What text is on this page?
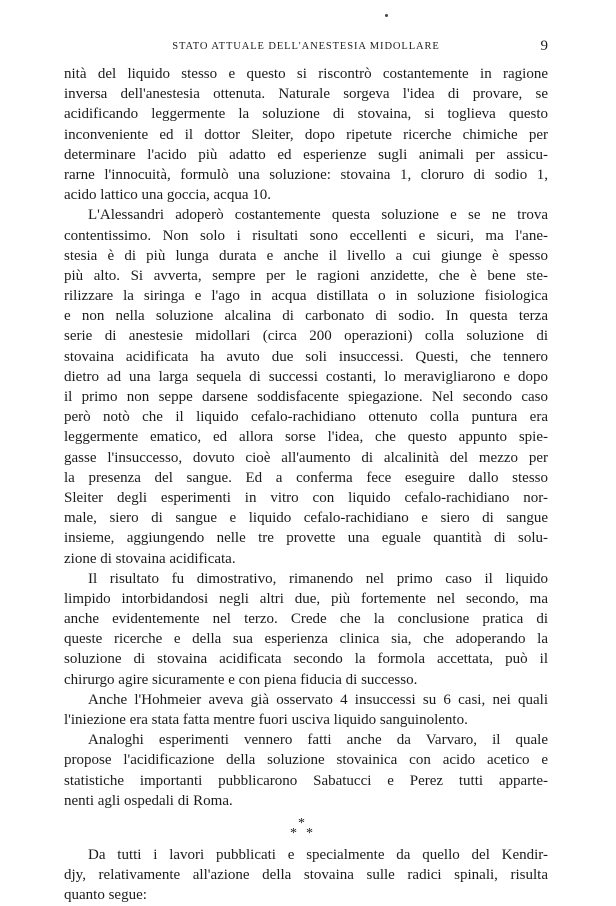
STATO ATTUALE DELL'ANESTESIA MIDOLLARE	9
nità del liquido stesso e questo si riscontrò costantemente in ragione
inversa dell'anestesia ottenuta. Naturale sorgeva l'idea di provare, se
acidificando leggermente la soluzione di stovaina, si toglieva questo
inconveniente ed il dottor Sleiter, dopo ripetute ricerche chimiche per
determinare l'acido più adatto ed esperienze sugli animali per assicu-
rarne l'innocuità, formulò una soluzione: stovaina 1, cloruro di sodio 1,
acido lattico una goccia, acqua 10.
L'Alessandri adoperò costantemente questa soluzione e se ne trova
contentissimo. Non solo i risultati sono eccellenti e sicuri, ma l'ane-
stesia è di più lunga durata e anche il livello a cui giunge è spesso
più alto. Si avverta, sempre per le ragioni anzidette, che è bene ste-
rilizzare la siringa e l'ago in acqua distillata o in soluzione fisiologica
e non nella soluzione alcalina di carbonato di sodio. In questa terza
serie di anestesie midollari (circa 200 operazioni) colla soluzione di
stovaina acidificata ha avuto due soli insuccessi. Questi, che tennero
dietro ad una larga sequela di successi costanti, lo meravigliarono e dopo
il primo non seppe darsene soddisfacente spiegazione. Nel secondo caso
però notò che il liquido cefalo-rachidiano ottenuto colla puntura era
leggermente ematico, ed allora sorse l'idea, che questo appunto spie-
gasse l'insuccesso, dovuto cioè all'aumento di alcalinità del mezzo per
la presenza del sangue. Ed a conferma fece eseguire dallo stesso
Sleiter degli esperimenti in vitro con liquido cefalo-rachidiano nor-
male, siero di sangue e liquido cefalo-rachidiano e siero di sangue
insieme, aggiungendo nelle tre provette una eguale quantità di solu-
zione di stovaina acidificata.
Il risultato fu dimostrativo, rimanendo nel primo caso il liquido
limpido intorbidandosi negli altri due, più fortemente nel secondo, ma
anche evidentemente nel terzo. Crede che la conclusione pratica di
queste ricerche e della sua esperienza clinica sia, che adoperando la
soluzione di stovaina acidificata secondo la formola accettata, può il
chirurgo agire sicuramente e con piena fiducia di successo.
Anche l'Hohmeier aveva già osservato 4 insuccessi su 6 casi, nei quali
l'iniezione era stata fatta mentre fuori usciva liquido sanguinolento.
Analoghi esperimenti vennero fatti anche da Varvaro, il quale
propose l'acidificazione della soluzione stovainica con acido acetico e
statistiche importanti pubblicarono Sabatucci e Perez tutti apparte-
nenti agli ospedali di Roma.
*
* *
Da tutti i lavori pubblicati e specialmente da quello del Kendir-
djy, relativamente all'azione della stovaina sulle radici spinali, risulta
quanto segue:
